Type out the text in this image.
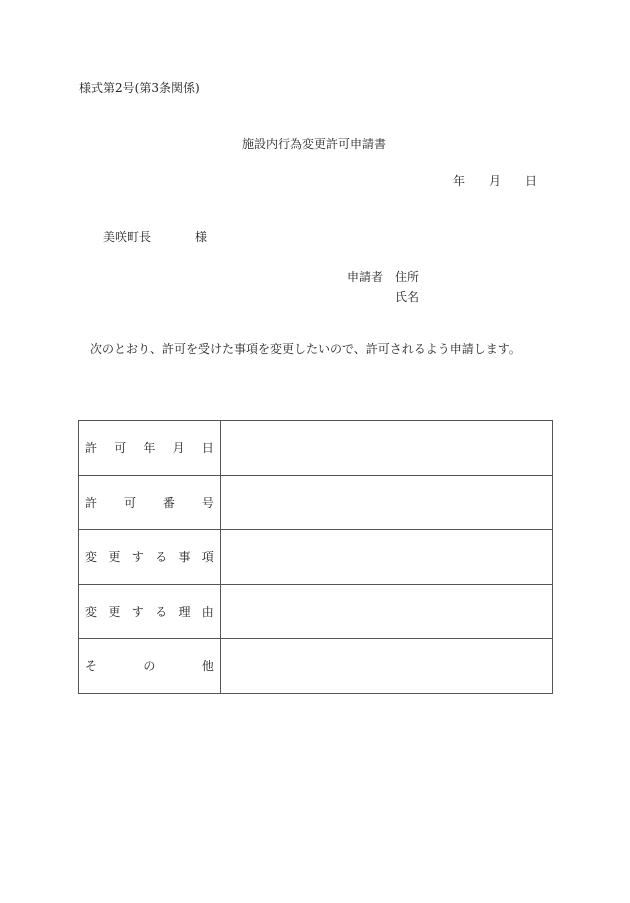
様式第2号(第3条関係)
施設内行為変更許可申請書
年	月	日
美咲町長	様
申請者 住所
氏名
次のとおり、許可を受けた事項を変更したいので、許可されるよう申請します。
許 可 年 月 日	

許 可 番 号	

変 更 す る 事 項

変 更 す る 理 由

そ の 他	
